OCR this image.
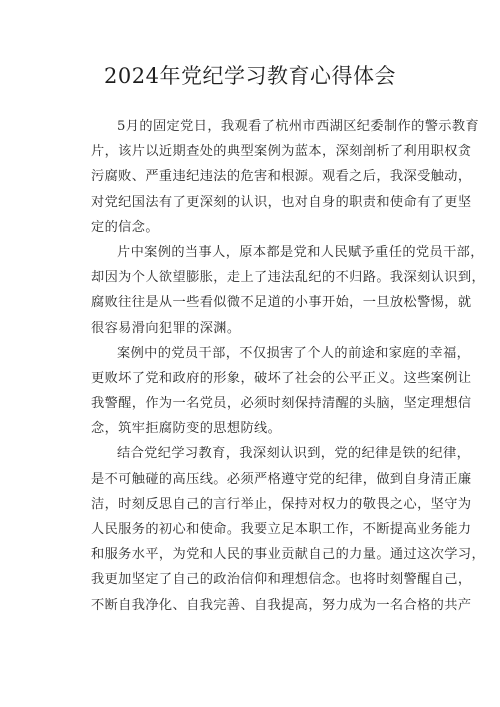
2024年党纪学习教育心得体会
5月的固定党日，我观看了杭州市西湖区纪委制作的警示教育
片，该片以近期查处的典型案例为蓝本，深刻剖析了利用职权贪
污腐败、严重违纪违法的危害和根源。观看之后，我深受触动，
对党纪国法有了更深刻的认识，也对自身的职责和使命有了更坚
定的信念。
片中案例的当事人，原本都是党和人民赋予重任的党员干部，
却因为个人欲望膨胀，走上了违法乱纪的不归路。我深刻认识到，
腐败往往是从一些看似微不足道的小事开始，一旦放松警惕，就
很容易滑向犯罪的深渊。
案例中的党员干部，不仅损害了个人的前途和家庭的幸福，
更败坏了党和政府的形象，破坏了社会的公平正义。这些案例让
我警醒，作为一名党员，必须时刻保持清醒的头脑，坚定理想信
念，筑牢拒腐防变的思想防线。
结合党纪学习教育，我深刻认识到，党的纪律是铁的纪律，
是不可触碰的高压线。必须严格遵守党的纪律，做到自身清正廉
洁，时刻反思自己的言行举止，保持对权力的敬畏之心，坚守为
人民服务的初心和使命。我要立足本职工作，不断提高业务能力
和服务水平，为党和人民的事业贡献自己的力量。通过这次学习，
我更加坚定了自己的政治信仰和理想信念。也将时刻警醒自己，
不断自我净化、自我完善、自我提高，努力成为一名合格的共产
